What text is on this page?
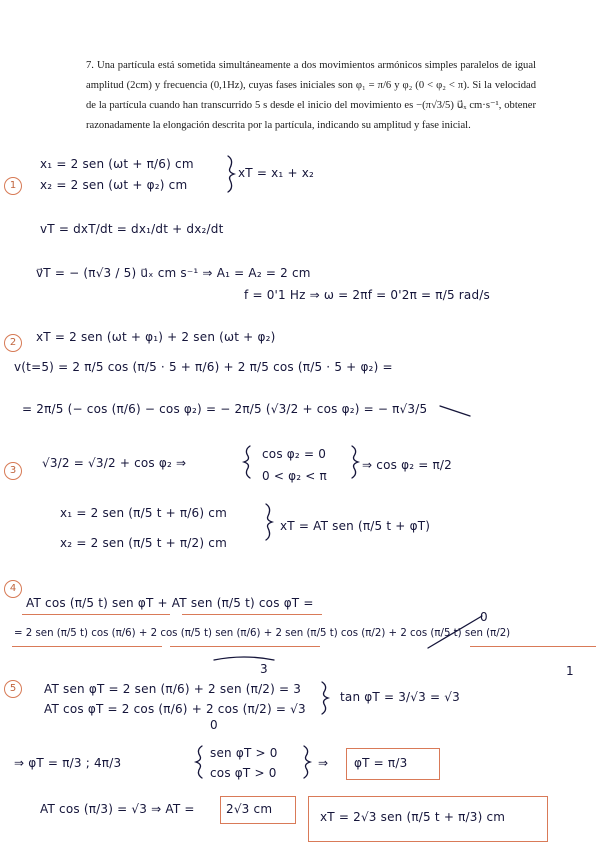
7. Una partícula está sometida simultáneamente a dos movimientos armónicos simples paralelos de igual amplitud (2cm) y frecuencia (0,1Hz), cuyas fases iniciales son φ₁ = π/6 y φ₂ (0 < φ₂ < π). Si la velocidad de la partícula cuando han transcurrido 5 s desde el inicio del movimiento es −(π√3/5) u⃗ₓ cm·s⁻¹, obtener razonadamente la elongación descrita por la partícula, indicando su amplitud y fase inicial.
1
2
3
4
5
x₁ = 2 sen (ωt + π/6) cm
x₂ = 2 sen (ωt + φ₂) cm
xT = x₁ + x₂
vT = dxT/dt = dx₁/dt + dx₂/dt
v⃗T = − (π√3 / 5) u⃗ₓ cm s⁻¹ ⇒ A₁ = A₂ = 2 cm
f = 0'1 Hz ⇒ ω = 2πf = 0'2π = π/5 rad/s
xT = 2 sen (ωt + φ₁) + 2 sen (ωt + φ₂)
v(t=5) = 2 π/5 cos (π/5 · 5 + π/6) + 2 π/5 cos (π/5 · 5 + φ₂) =
= 2π/5 (− cos (π/6) − cos φ₂) = − 2π/5 (√3/2 + cos φ₂) = − π√3/5
√3/2 = √3/2 + cos φ₂ ⇒
cos φ₂ = 0
0 < φ₂ < π
⇒ cos φ₂ = π/2
x₁ = 2 sen (π/5 t + π/6) cm
x₂ = 2 sen (π/5 t + π/2) cm
xT = AT sen (π/5 t + φT)
AT cos (π/5 t) sen φT + AT sen (π/5 t) cos φT =
= 2 sen (π/5 t) cos (π/6) + 2 cos (π/5 t) sen (π/6) + 2 sen (π/5 t) cos (π/2) + 2 cos (π/5 t) sen (π/2)
0
1
3
AT sen φT = 2 sen (π/6) + 2 sen (π/2) = 3
AT cos φT = 2 cos (π/6) + 2 cos (π/2) = √3
0
tan φT = 3/√3 = √3
⇒ φT = π/3 ; 4π/3
sen φT > 0
cos φT > 0
⇒ φT = π/3
AT cos (π/3) = √3 ⇒ AT =	2√3 cm
xT = 2√3 sen (π/5 t + π/3) cm
